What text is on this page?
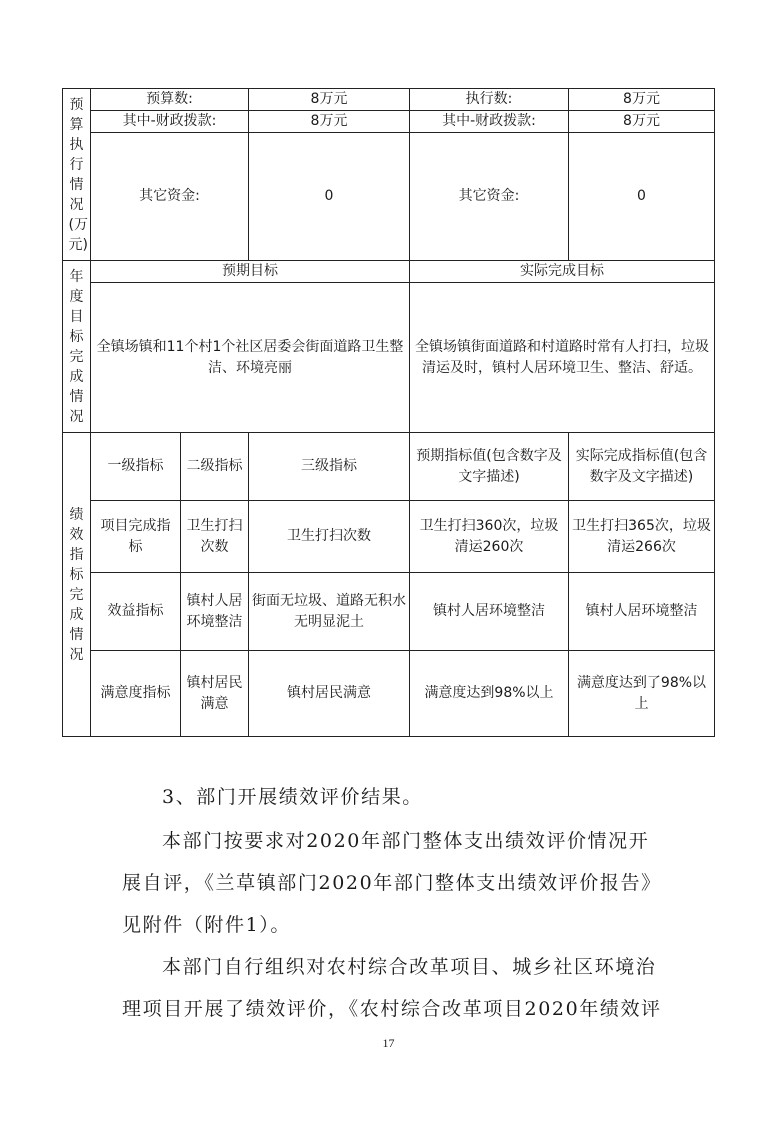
预算执行情况(万元)	预算数:		8万元	执行数:	8万元
	其中-财政拨款:		8万元	其中-财政拨款:	8万元
	其它资金:		0	其它资金:	0

年度目标完成情况	预期目标			实际完成目标	
	全镇场镇和11个村1个社区居委会街面道路卫生整洁、环境亮丽			全镇场镇街面道路和村道路时常有人打扫，垃圾清运及时，镇村人居环境卫生、整洁、舒适。	

绩效指标完成情况	一级指标	二级指标	三级指标	预期指标值(包含数字及文字描述)	实际完成指标值(包含数字及文字描述)
	项目完成指标	卫生打扫次数	卫生打扫次数	卫生打扫360次，垃圾清运260次	卫生打扫365次，垃圾清运266次
	效益指标	镇村人居环境整洁	街面无垃圾、道路无积水无明显泥土	镇村人居环境整洁	镇村人居环境整洁
	满意度指标	镇村居民满意	镇村居民满意	满意度达到98%以上	满意度达到了98%以上
3、部门开展绩效评价结果。
本部门按要求对2020年部门整体支出绩效评价情况开
展自评，《兰草镇部门2020年部门整体支出绩效评价报告》
见附件（附件1）。
本部门自行组织对农村综合改革项目、城乡社区环境治
理项目开展了绩效评价，《农村综合改革项目2020年绩效评
17
